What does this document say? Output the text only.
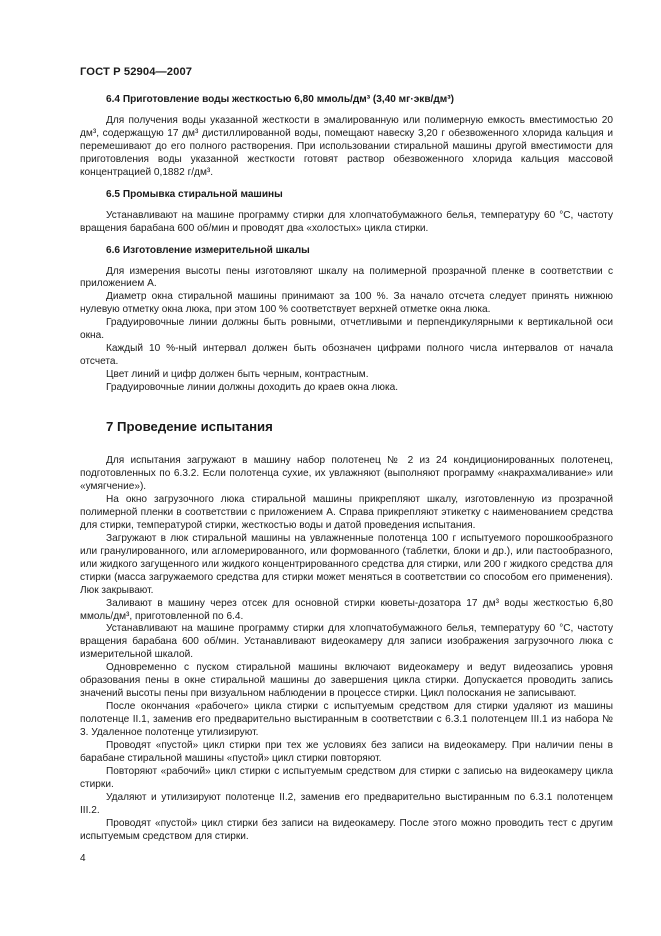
ГОСТ Р 52904—2007
6.4 Приготовление воды жесткостью 6,80 ммоль/дм³ (3,40 мг·экв/дм³)

Для получения воды указанной жесткости в эмалированную или полимерную емкость вместимостью 20 дм³, содержащую 17 дм³ дистиллированной воды, помещают навеску 3,20 г обезвоженного хлорида кальция и перемешивают до его полного растворения. При использовании стиральной машины другой вместимости для приготовления воды указанной жесткости готовят раствор обезвоженного хлорида кальция массовой концентрацией 0,1882 г/дм³.

6.5 Промывка стиральной машины

Устанавливают на машине программу стирки для хлопчатобумажного белья, температуру 60 °С, частоту вращения барабана 600 об/мин и проводят два «холостых» цикла стирки.

6.6 Изготовление измерительной шкалы

Для измерения высоты пены изготовляют шкалу на полимерной прозрачной пленке в соответствии с приложением А.

Диаметр окна стиральной машины принимают за 100 %. За начало отсчета следует принять нижнюю нулевую отметку окна люка, при этом 100 % соответствует верхней отметке окна люка.

Градуировочные линии должны быть ровными, отчетливыми и перпендикулярными к вертикальной оси окна.

Каждый 10 %-ный интервал должен быть обозначен цифрами полного числа интервалов от начала отсчета.

Цвет линий и цифр должен быть черным, контрастным.

Градуировочные линии должны доходить до краев окна люка.

7 Проведение испытания

Для испытания загружают в машину набор полотенец № 2 из 24 кондиционированных полотенец, подготовленных по 6.3.2. Если полотенца сухие, их увлажняют (выполняют программу «накрахмаливание» или «умягчение»).

На окно загрузочного люка стиральной машины прикрепляют шкалу, изготовленную из прозрачной полимерной пленки в соответствии с приложением А. Справа прикрепляют этикетку с наименованием средства для стирки, температурой стирки, жесткостью воды и датой проведения испытания.

Загружают в люк стиральной машины на увлажненные полотенца 100 г испытуемого порошкообразного или гранулированного, или агломерированного, или формованного (таблетки, блоки и др.), или пастообразного, или жидкого загущенного или жидкого концентрированного средства для стирки, или 200 г жидкого средства для стирки (масса загружаемого средства для стирки может меняться в соответствии со способом его применения). Люк закрывают.

Заливают в машину через отсек для основной стирки кюветы-дозатора 17 дм³ воды жесткостью 6,80 ммоль/дм³, приготовленной по 6.4.

Устанавливают на машине программу стирки для хлопчатобумажного белья, температуру 60 °С, частоту вращения барабана 600 об/мин. Устанавливают видеокамеру для записи изображения загрузочного люка с измерительной шкалой.

Одновременно с пуском стиральной машины включают видеокамеру и ведут видеозапись уровня образования пены в окне стиральной машины до завершения цикла стирки. Допускается проводить запись значений высоты пены при визуальном наблюдении в процессе стирки. Цикл полоскания не записывают.

После окончания «рабочего» цикла стирки с испытуемым средством для стирки удаляют из машины полотенце II.1, заменив его предварительно выстиранным в соответствии с 6.3.1 полотенцем III.1 из набора № 3. Удаленное полотенце утилизируют.

Проводят «пустой» цикл стирки при тех же условиях без записи на видеокамеру. При наличии пены в барабане стиральной машины «пустой» цикл стирки повторяют.

Повторяют «рабочий» цикл стирки с испытуемым средством для стирки с записью на видеокамеру цикла стирки.

Удаляют и утилизируют полотенце II.2, заменив его предварительно выстиранным по 6.3.1 полотенцем III.2.

Проводят «пустой» цикл стирки без записи на видеокамеру. После этого можно проводить тест с другим испытуемым средством для стирки.

4
